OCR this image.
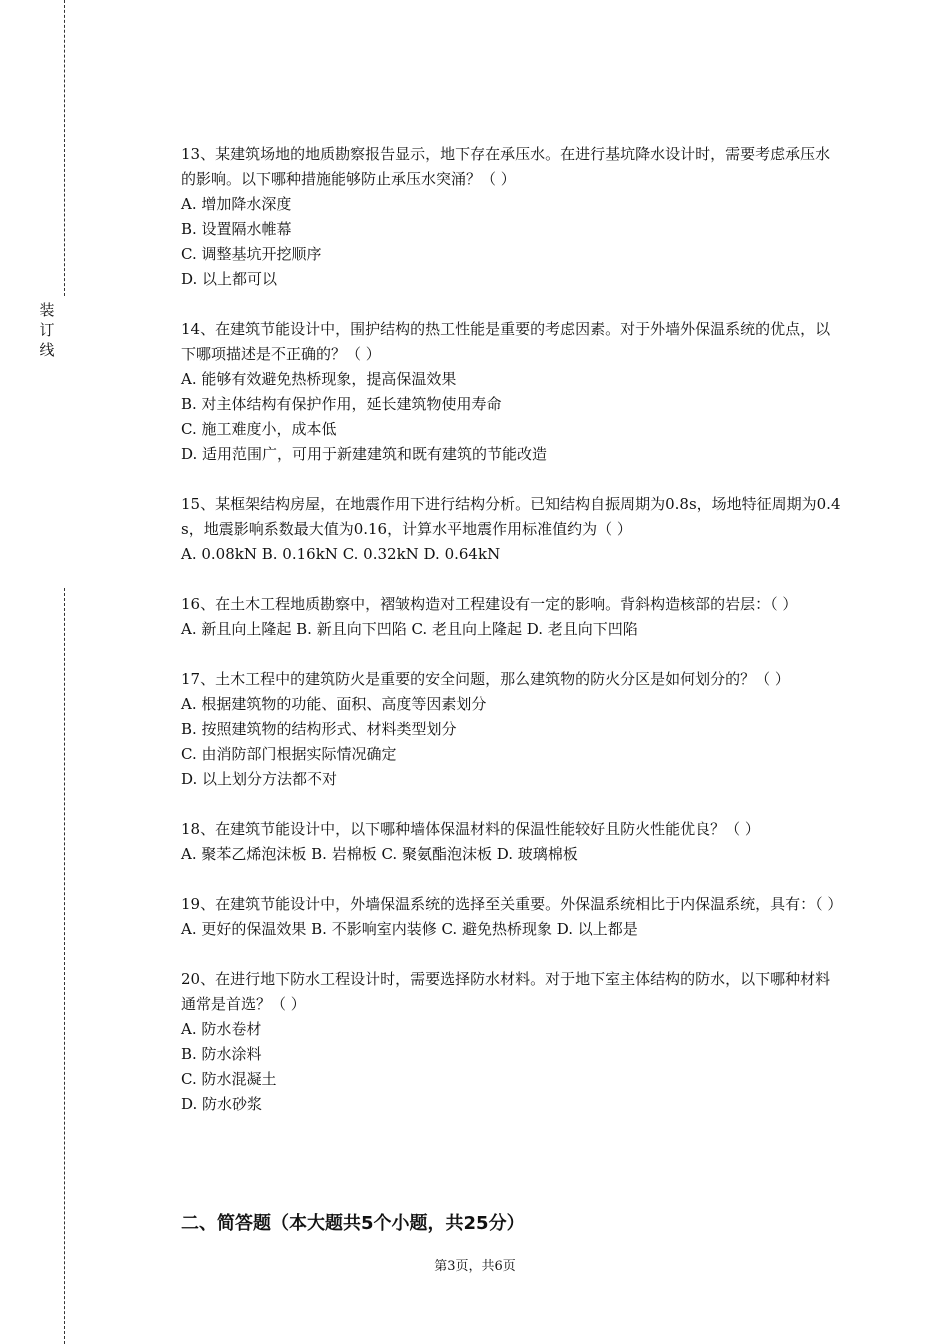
装
订
线
13、某建筑场地的地质勘察报告显示，地下存在承压水。在进行基坑降水设计时，需要考虑承压水的影响。以下哪种措施能够防止承压水突涌？（ ）
A. 增加降水深度
B. 设置隔水帷幕
C. 调整基坑开挖顺序
D. 以上都可以
14、在建筑节能设计中，围护结构的热工性能是重要的考虑因素。对于外墙外保温系统的优点，以下哪项描述是不正确的？（ ）
A. 能够有效避免热桥现象，提高保温效果
B. 对主体结构有保护作用，延长建筑物使用寿命
C. 施工难度小，成本低
D. 适用范围广，可用于新建建筑和既有建筑的节能改造
15、某框架结构房屋，在地震作用下进行结构分析。已知结构自振周期为0.8s，场地特征周期为0.4s，地震影响系数最大值为0.16，计算水平地震作用标准值约为（ ）
A. 0.08kN B. 0.16kN C. 0.32kN D. 0.64kN
16、在土木工程地质勘察中，褶皱构造对工程建设有一定的影响。背斜构造核部的岩层：（ ）
A. 新且向上隆起 B. 新且向下凹陷 C. 老且向上隆起 D. 老且向下凹陷
17、土木工程中的建筑防火是重要的安全问题，那么建筑物的防火分区是如何划分的？（ ）
A. 根据建筑物的功能、面积、高度等因素划分
B. 按照建筑物的结构形式、材料类型划分
C. 由消防部门根据实际情况确定
D. 以上划分方法都不对
18、在建筑节能设计中，以下哪种墙体保温材料的保温性能较好且防火性能优良？（ ）
A. 聚苯乙烯泡沫板 B. 岩棉板 C. 聚氨酯泡沫板 D. 玻璃棉板
19、在建筑节能设计中，外墙保温系统的选择至关重要。外保温系统相比于内保温系统，具有：（ ）
A. 更好的保温效果 B. 不影响室内装修 C. 避免热桥现象 D. 以上都是
20、在进行地下防水工程设计时，需要选择防水材料。对于地下室主体结构的防水，以下哪种材料通常是首选？（ ）
A. 防水卷材
B. 防水涂料
C. 防水混凝土
D. 防水砂浆
二、简答题（本大题共5个小题，共25分）
第3页，共6页
